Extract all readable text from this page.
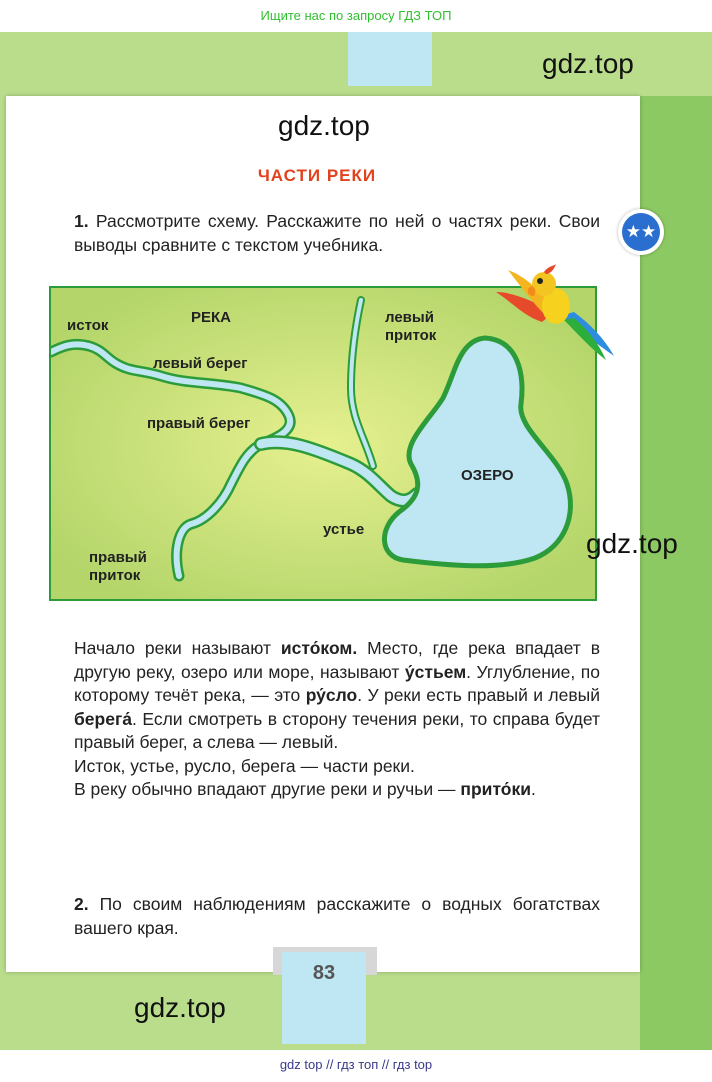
Ищите нас по запросу ГДЗ ТОП
gdz.top
gdz.top
ЧАСТИ РЕКИ
★★
1. Рассмотрите схему. Расскажите по ней о частях реки. Свои выводы сравните с текстом учебника.
исток	РЕКА	левый
приток
левый берег
правый берег
ОЗЕРО
устье
правый
приток

Начало реки называют исто́ком. Место, где река впадает в другую реку, озеро или море, называют у́стьем. Углубление, по которому течёт река, — это ру́сло. У реки есть правый и левый берега́. Если смотреть в сторону течения реки, то справа будет правый берег, а слева — левый.

Исток, устье, русло, берега — части реки.

В реку обычно впадают другие реки и ручьи — прито́ки.

2. По своим наблюдениям расскажите о водных богатствах вашего края.
gdz.top
83
gdz.top
gdz top // гдз топ // гдз top
